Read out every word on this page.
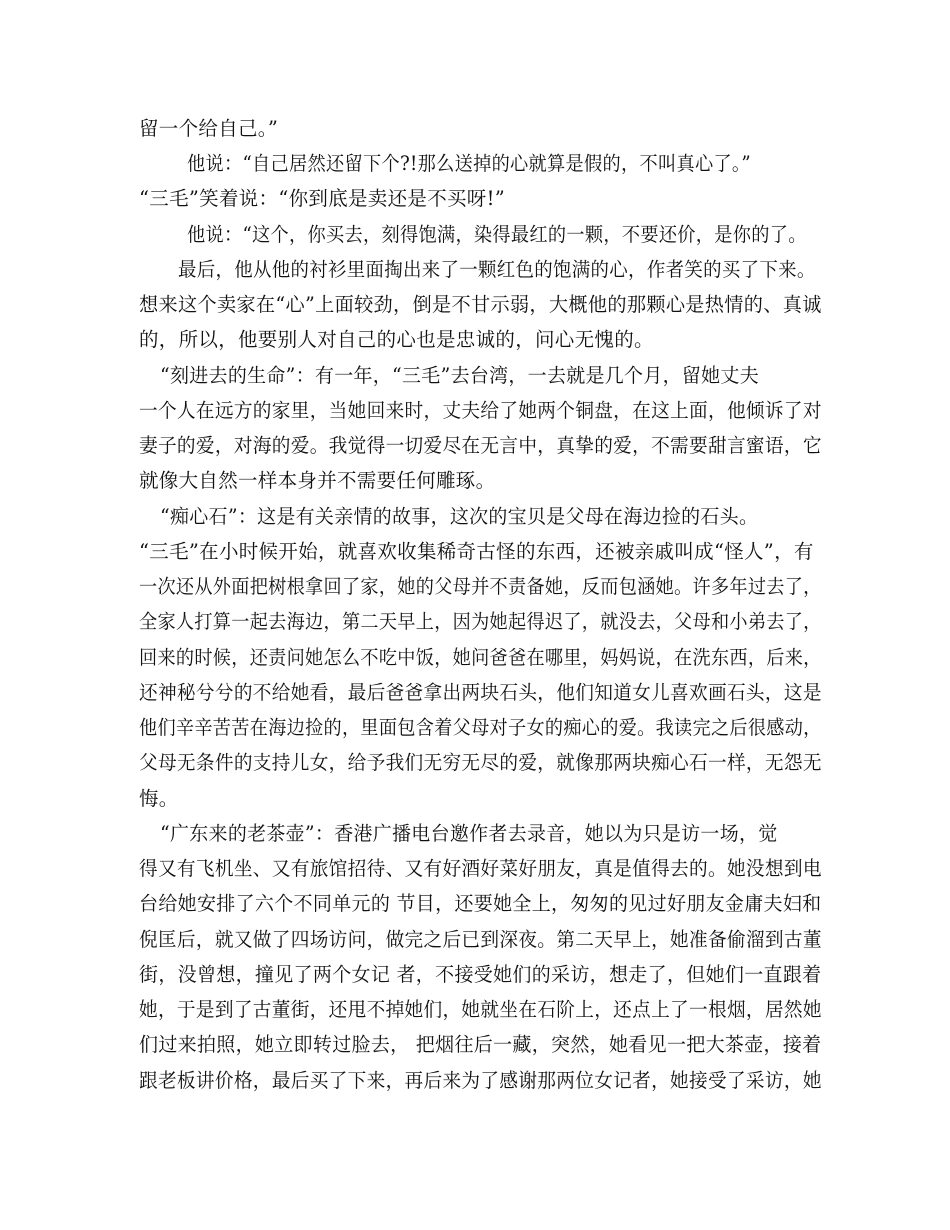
留一个给自己。”
他说：“自己居然还留下个?!那么送掉的心就算是假的，不叫真心了。”
“三毛”笑着说：“你到底是卖还是不买呀!”
他说：“这个，你买去，刻得饱满，染得最红的一颗，不要还价，是你的了。
最后，他从他的衬衫里面掏出来了一颗红色的饱满的心，作者笑的买了下来。
想来这个卖家在“心”上面较劲，倒是不甘示弱，大概他的那颗心是热情的、真诚
的，所以，他要别人对自己的心也是忠诚的，问心无愧的。
“刻进去的生命”：有一年，“三毛”去台湾，一去就是几个月，留她丈夫
一个人在远方的家里，当她回来时，丈夫给了她两个铜盘，在这上面，他倾诉了对
妻子的爱，对海的爱。我觉得一切爱尽在无言中，真挚的爱，不需要甜言蜜语，它
就像大自然一样本身并不需要任何雕琢。
“痴心石”：这是有关亲情的故事，这次的宝贝是父母在海边捡的石头。
“三毛”在小时候开始，就喜欢收集稀奇古怪的东西，还被亲戚叫成“怪人”，有
一次还从外面把树根拿回了家，她的父母并不责备她，反而包涵她。许多年过去了，
全家人打算一起去海边，第二天早上，因为她起得迟了，就没去，父母和小弟去了，
回来的时候，还责问她怎么不吃中饭，她问爸爸在哪里，妈妈说，在洗东西，后来，
还神秘兮兮的不给她看，最后爸爸拿出两块石头，他们知道女儿喜欢画石头，这是
他们辛辛苦苦在海边捡的，里面包含着父母对子女的痴心的爱。我读完之后很感动，
父母无条件的支持儿女，给予我们无穷无尽的爱，就像那两块痴心石一样，无怨无
悔。
“广东来的老茶壶”：香港广播电台邀作者去录音，她以为只是访一场，觉
得又有飞机坐、又有旅馆招待、又有好酒好菜好朋友，真是值得去的。她没想到电
台给她安排了六个不同单元的 节目，还要她全上，匆匆的见过好朋友金庸夫妇和
倪匡后，就又做了四场访问，做完之后已到深夜。第二天早上，她准备偷溜到古董
街，没曾想，撞见了两个女记 者，不接受她们的采访，想走了，但她们一直跟着
她，于是到了古董街，还甩不掉她们，她就坐在石阶上，还点上了一根烟，居然她
们过来拍照，她立即转过脸去， 把烟往后一藏，突然，她看见一把大茶壶，接着
跟老板讲价格，最后买了下来，再后来为了感谢那两位女记者，她接受了采访，她
